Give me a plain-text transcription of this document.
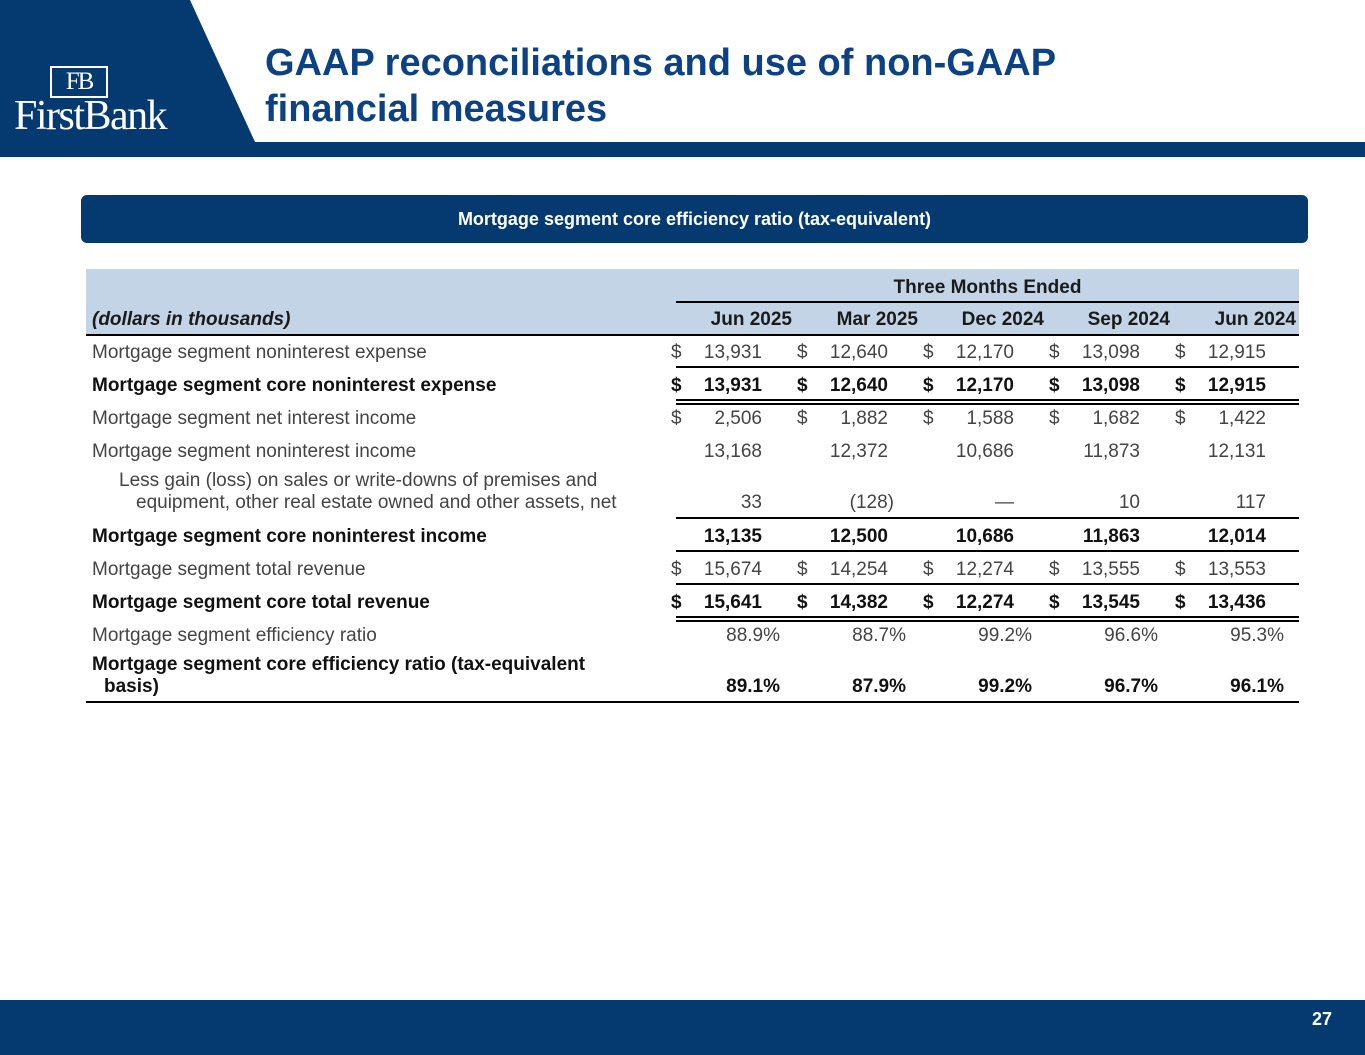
FB
FirstBank
GAAP reconciliations and use of non-GAAP
financial measures
Mortgage segment core efficiency ratio (tax-equivalent)
Three Months Ended
(dollars in thousands)	Jun 2025	Mar 2025	Dec 2024	Sep 2024	Jun 2024
Mortgage segment noninterest expense	$ 13,931 $ 12,640 $ 12,170 $ 13,098 $ 12,915
Mortgage segment core noninterest expense	$ 13,931 $ 12,640 $ 12,170 $ 13,098 $ 12,915
Mortgage segment net interest income	$ 2,506 $ 1,882 $ 1,588 $ 1,682 $ 1,422
Mortgage segment noninterest income	13,168	12,372	10,686	11,873	12,131
Less gain (loss) on sales or write-downs of premises and
equipment, other real estate owned and other assets, net	33	(128)	—	10	117
Mortgage segment core noninterest income	13,135	12,500	10,686	11,863	12,014
Mortgage segment total revenue	$ 15,674 $ 14,254 $ 12,274 $ 13,555 $ 13,553
Mortgage segment core total revenue	$ 15,641 $ 14,382 $ 12,274 $ 13,545 $ 13,436
Mortgage segment efficiency ratio	88.9%	88.7%	99.2%	96.6%	95.3%
Mortgage segment core efficiency ratio (tax-equivalent
basis)	89.1%	87.9%	99.2%	96.7%	96.1%
27
